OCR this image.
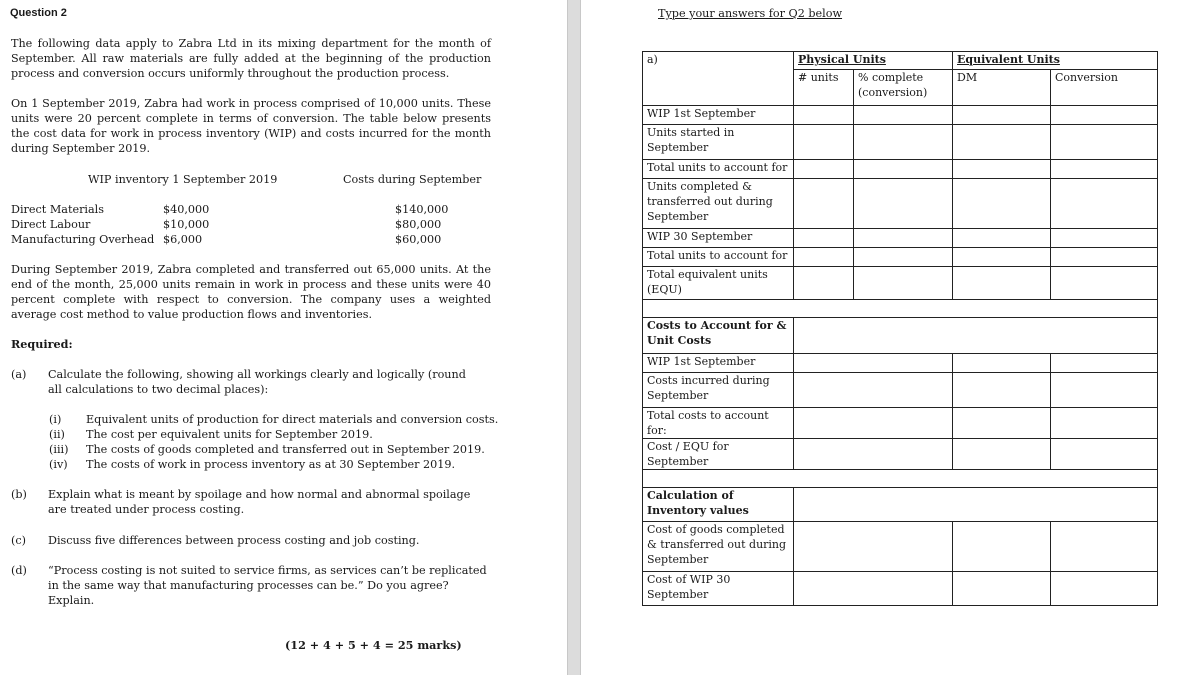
Question 2
The following data apply to Zabra Ltd in its mixing department for the month of September. All raw materials are fully added at the beginning of the production process and conversion occurs uniformly throughout the production process.
On 1 September 2019, Zabra had work in process comprised of 10,000 units. These units were 20 percent complete in terms of conversion. The table below presents the cost data for work in process inventory (WIP) and costs incurred for the month during September 2019.
WIP inventory 1 September 2019	Costs during September
Direct Materials	$40,000	$140,000
Direct Labour	$10,000	$80,000
Manufacturing Overhead $6,000	$60,000
During September 2019, Zabra completed and transferred out 65,000 units. At the end of the month, 25,000 units remain in work in process and these units were 40 percent complete with respect to conversion. The company uses a weighted average cost method to value production flows and inventories.
Required:
(a) Calculate the following, showing all workings clearly and logically (round all calculations to two decimal places):
(i) Equivalent units of production for direct materials and conversion costs.
(ii) The cost per equivalent units for September 2019.
(iii) The costs of goods completed and transferred out in September 2019.
(iv) The costs of work in process inventory as at 30 September 2019.
(b) Explain what is meant by spoilage and how normal and abnormal spoilage are treated under process costing.
(c) Discuss five differences between process costing and job costing.
(d) “Process costing is not suited to service firms, as services can’t be replicated in the same way that manufacturing processes can be.” Do you agree? Explain.
(12 + 4 + 5 + 4 = 25 marks)
Type your answers for Q2 below
a)	Physical Units		Equivalent Units	
	# units	% complete (conversion)	DM	Conversion
WIP 1st September				
Units started in September				
Total units to account for				
Units completed & transferred out during September				
WIP 30 September				
Total units to account for				
Total equivalent units (EQU)				

Costs to Account for & Unit Costs				
WIP 1st September				
Costs incurred during September				
Total costs to account for:				
Cost / EQU for September				

Calculation of Inventory values				
Cost of goods completed & transferred out during September				
Cost of WIP 30 September				
